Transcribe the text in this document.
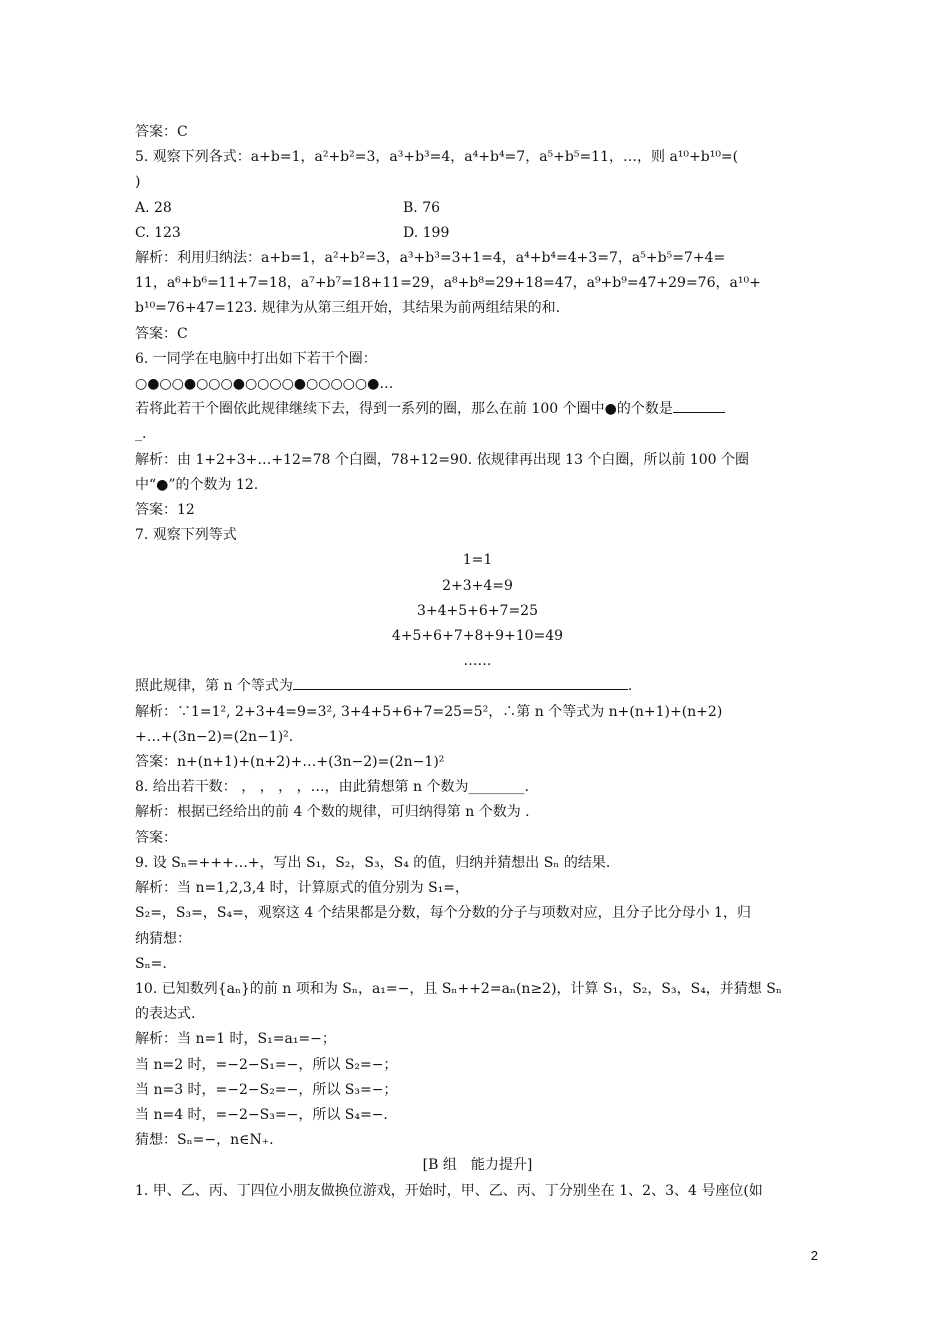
答案：C
5. 观察下列各式：a+b=1，a²+b²=3，a³+b³=4，a⁴+b⁴=7，a⁵+b⁵=11，…，则 a¹⁰+b¹⁰=(
)
A. 28	B. 76
C. 123	D. 199
解析：利用归纳法：a+b=1，a²+b²=3，a³+b³=3+1=4，a⁴+b⁴=4+3=7，a⁵+b⁵=7+4=
11，a⁶+b⁶=11+7=18，a⁷+b⁷=18+11=29，a⁸+b⁸=29+18=47，a⁹+b⁹=47+29=76，a¹⁰+
b¹⁰=76+47=123. 规律为从第三组开始，其结果为前两组结果的和.
答案：C
6. 一同学在电脑中打出如下若干个圈：
○●○○●○○○●○○○○●○○○○○●…
若将此若干个圈依此规律继续下去，得到一系列的圈，那么在前 100 个圈中●的个数是
_.
解析：由 1+2+3+…+12=78 个白圈，78+12=90. 依规律再出现 13 个白圈，所以前 100 个圈
中“●”的个数为 12.
答案：12
7. 观察下列等式
1=1
2+3+4=9
3+4+5+6+7=25
4+5+6+7+8+9+10=49
……
照此规律，第 n 个等式为	.
解析：∵1=1², 2+3+4=9=3², 3+4+5+6+7=25=5²，∴第 n 个等式为 n+(n+1)+(n+2)
+…+(3n−2)=(2n−1)².
答案：n+(n+1)+(n+2)+…+(3n−2)=(2n−1)²
8. 给出若干数： ， ， ， ，…，由此猜想第 n 个数为________.
解析：根据已经给出的前 4 个数的规律，可归纳得第 n 个数为 .
答案：
9. 设 Sₙ=+++…+，写出 S₁，S₂，S₃，S₄ 的值，归纳并猜想出 Sₙ 的结果.
解析：当 n=1,2,3,4 时，计算原式的值分别为 S₁=，
S₂=，S₃=，S₄=，观察这 4 个结果都是分数，每个分数的分子与项数对应，且分子比分母小 1，归
纳猜想：
Sₙ=.
10. 已知数列{aₙ}的前 n 项和为 Sₙ，a₁=−，且 Sₙ++2=aₙ(n≥2)，计算 S₁，S₂，S₃，S₄，并猜想 Sₙ
的表达式.
解析：当 n=1 时，S₁=a₁=−；
当 n=2 时，=−2−S₁=−，所以 S₂=−；
当 n=3 时，=−2−S₂=−，所以 S₃=−；
当 n=4 时，=−2−S₃=−，所以 S₄=−.
猜想：Sₙ=−，n∈N₊.
[B 组　能力提升]
1. 甲、乙、丙、丁四位小朋友做换位游戏，开始时，甲、乙、丙、丁分别坐在 1、2、3、4 号座位(如
2
